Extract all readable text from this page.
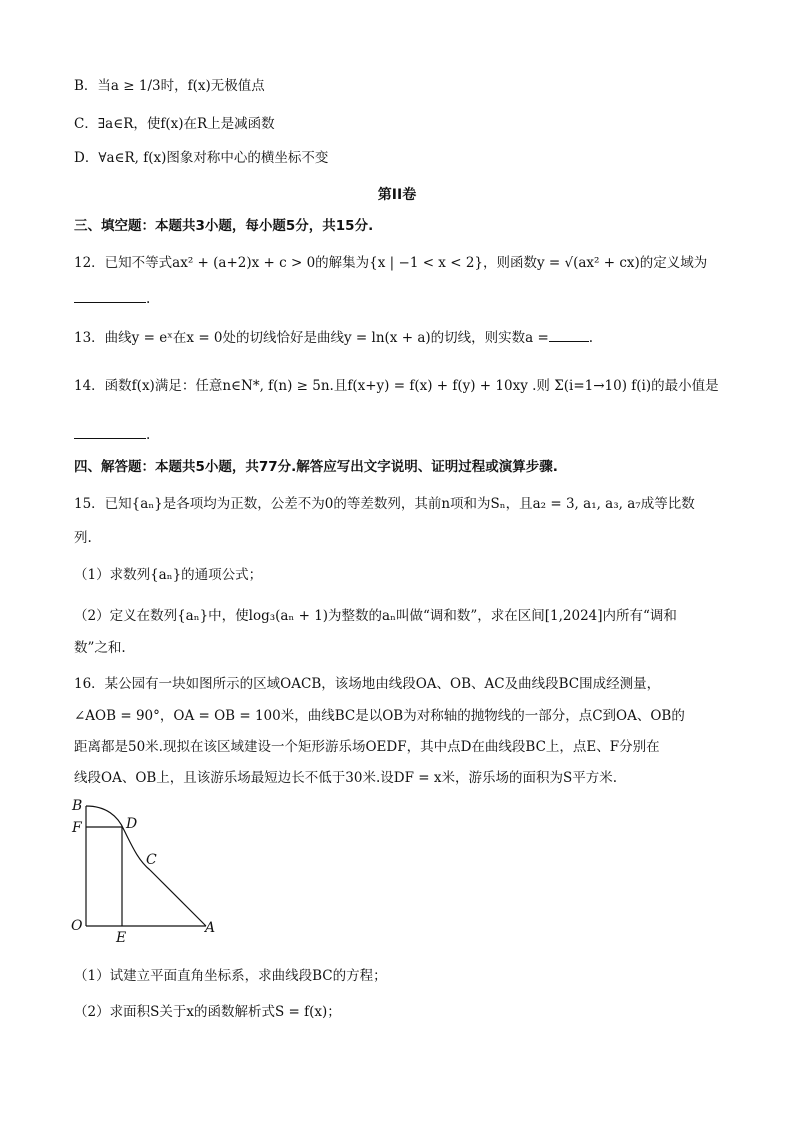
B．当a ≥ 1/3时，f(x)无极值点
C．∃a∈R，使f(x)在R上是减函数
D．∀a∈R, f(x)图象对称中心的横坐标不变
第II卷
三、填空题：本题共3小题，每小题5分，共15分.
12．已知不等式ax² + (a+2)x + c > 0的解集为{x | −1 < x < 2}，则函数y = √(ax² + cx)的定义域为
.
13．曲线y = eˣ在x = 0处的切线恰好是曲线y = ln(x + a)的切线，则实数a =	.
14．函数f(x)满足：任意n∈N*, f(n) ≥ 5n.且f(x+y) = f(x) + f(y) + 10xy .则 Σ(i=1→10) f(i)的最小值是
.
四、解答题：本题共5小题，共77分.解答应写出文字说明、证明过程或演算步骤.
15．已知{aₙ}是各项均为正数，公差不为0的等差数列，其前n项和为Sₙ，且a₂ = 3, a₁, a₃, a₇成等比数
列.
（1）求数列{aₙ}的通项公式；
（2）定义在数列{aₙ}中，使log₃(aₙ + 1)为整数的aₙ叫做“调和数”，求在区间[1,2024]内所有“调和
数”之和.
16．某公园有一块如图所示的区域OACB，该场地由线段OA、OB、AC及曲线段BC围成经测量，
∠AOB = 90°，OA = OB = 100米，曲线BC是以OB为对称轴的抛物线的一部分，点C到OA、OB的
距离都是50米.现拟在该区域建设一个矩形游乐场OEDF，其中点D在曲线段BC上，点E、F分别在
线段OA、OB上，且该游乐场最短边长不低于30米.设DF = x米，游乐场的面积为S平方米.
B
F	D
C
O
E
A
（1）试建立平面直角坐标系，求曲线段BC的方程；
（2）求面积S关于x的函数解析式S = f(x)；
